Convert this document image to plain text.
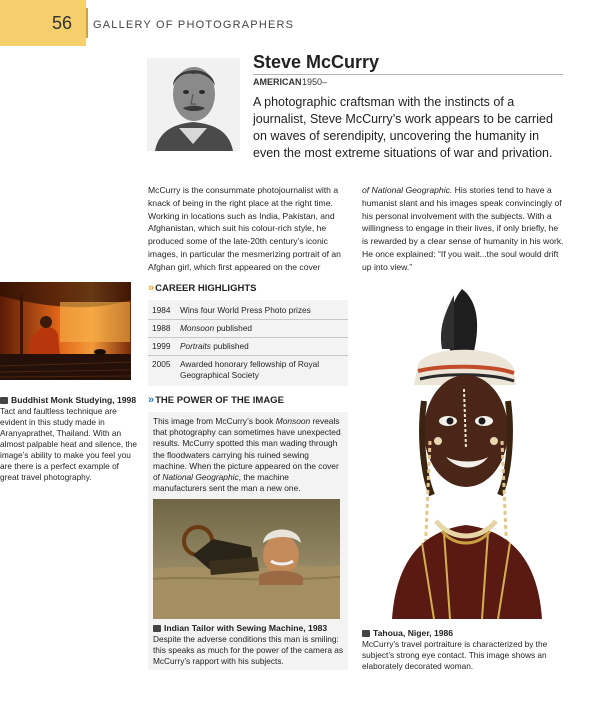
56 GALLERY OF PHOTOGRAPHERS
Steve McCurry
AMERICAN 1950–
A photographic craftsman with the instincts of a journalist, Steve McCurry’s work appears to be carried on waves of serendipity, uncovering the humanity in even the most extreme situations of war and privation.
McCurry is the consummate photojournalist with a knack of being in the right place at the right time. Working in locations such as India, Pakistan, and Afghanistan, which suit his colour-rich style, he produced some of the late-20th century’s iconic images, in particular the mesmerizing portrait of an Afghan girl, which first appeared on the cover
of National Geographic. His stories tend to have a humanist slant and his images speak convincingly of his personal involvement with the subjects. With a willingness to engage in their lives, if only briefly, he is rewarded by a clear sense of humanity in his work. He once explained: “If you wait...the soul would drift up into view.”
Buddhist Monk Studying, 1998
Tact and faultless technique are evident in this study made in Aranyaprathet, Thailand. With an almost palpable heat and silence, the image’s ability to make you feel you are there is a perfect example of great travel photography.
» CAREER HIGHLIGHTS
1984	Wins four World Press Photo prizes
1988	Monsoon published
1999	Portraits published
2005	Awarded honorary fellowship of Royal Geographical Society
» THE POWER OF THE IMAGE
This image from McCurry’s book Monsoon reveals that photography can sometimes have unexpected results. McCurry spotted this man wading through the floodwaters carrying his ruined sewing machine. When the picture appeared on the cover of National Geographic, the machine manufacturers sent the man a new one.
Indian Tailor with Sewing Machine, 1983
Despite the adverse conditions this man is smiling: this speaks as much for the power of the camera as McCurry’s rapport with his subjects.
Tahoua, Niger, 1986
McCurry’s travel portraiture is characterized by the subject’s strong eye contact. This image shows an elaborately decorated woman.
